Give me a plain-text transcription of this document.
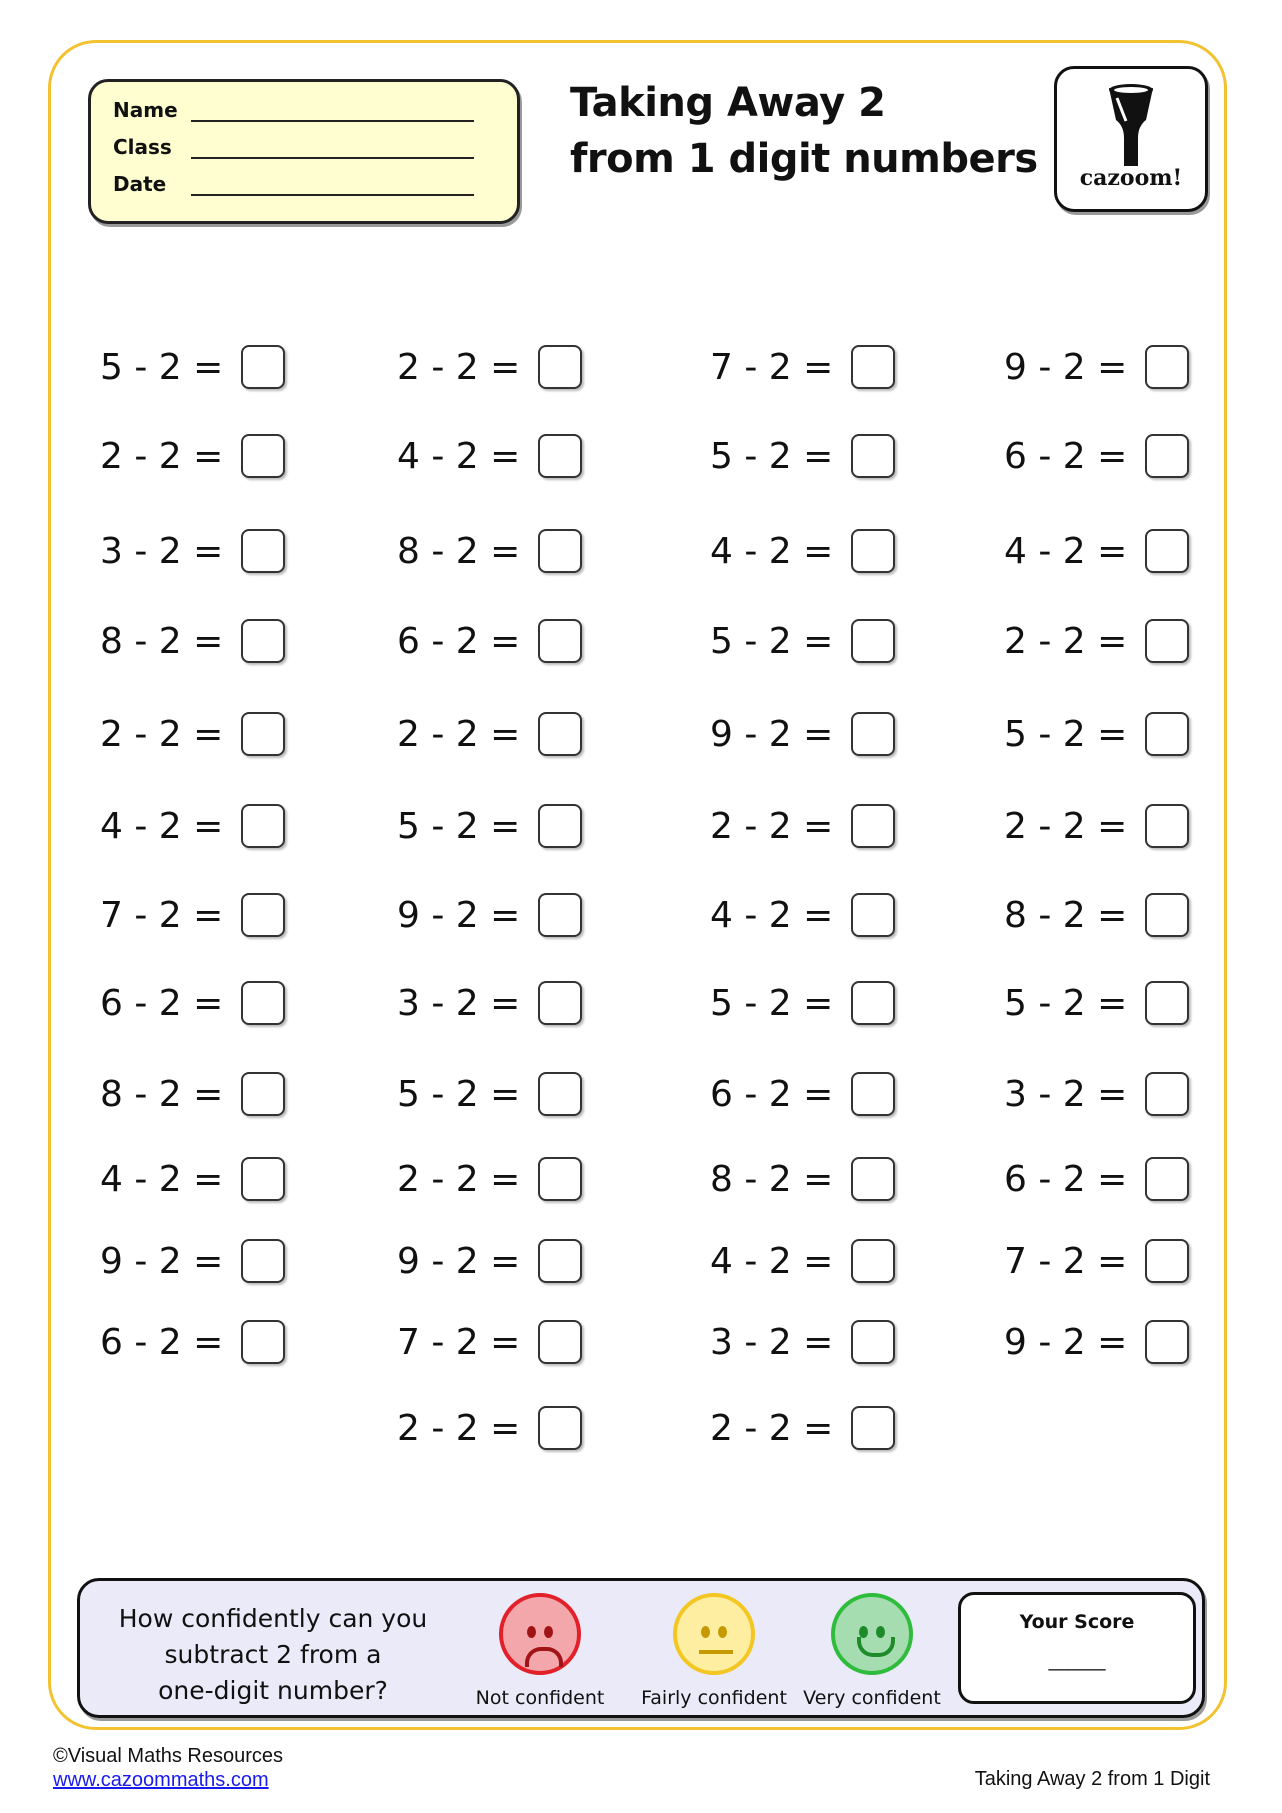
Name
Class
Date
Taking Away 2
from 1 digit numbers	cazoom!
5 - 2 =
2 - 2 =
3 - 2 =
8 - 2 =
2 - 2 =
4 - 2 =
7 - 2 =
6 - 2 =
8 - 2 =
4 - 2 =
9 - 2 =
6 - 2 =
2 - 2 =
4 - 2 =
8 - 2 =
6 - 2 =
2 - 2 =
5 - 2 =
9 - 2 =
3 - 2 =
5 - 2 =
2 - 2 =
9 - 2 =
7 - 2 =
2 - 2 =
7 - 2 =
5 - 2 =
4 - 2 =
5 - 2 =
9 - 2 =
2 - 2 =
4 - 2 =
5 - 2 =
6 - 2 =
8 - 2 =
4 - 2 =
3 - 2 =
2 - 2 =
9 - 2 =
6 - 2 =
4 - 2 =
2 - 2 =
5 - 2 =
2 - 2 =
8 - 2 =
5 - 2 =
3 - 2 =
6 - 2 =
7 - 2 =
9 - 2 =
How confidently can you
subtract 2 from a
one-digit number?	Not confident	Fairly confident Very confident
Your Score
______
©Visual Maths Resources
www.cazoommaths.com	Taking Away 2 from 1 Digit
